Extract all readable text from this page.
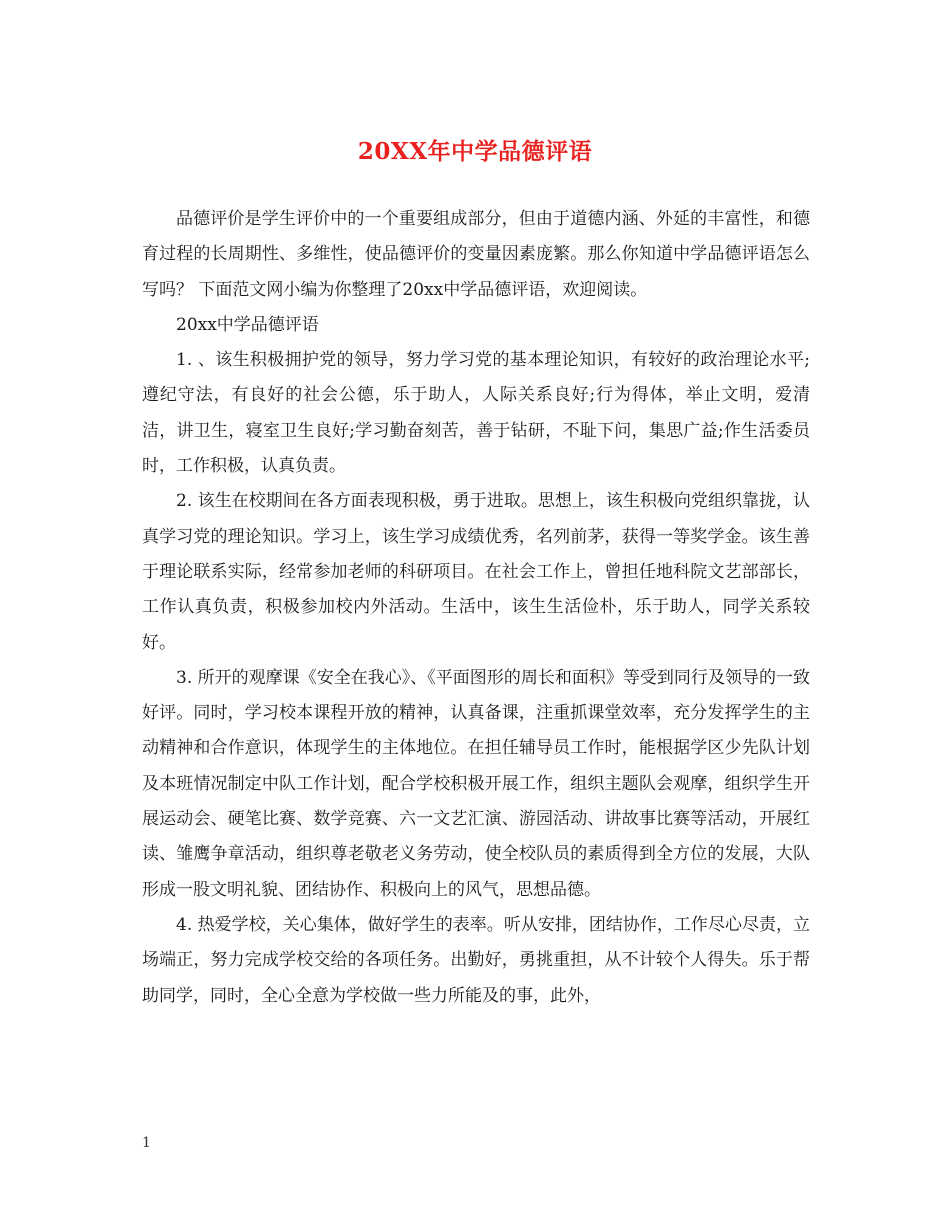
20XX年中学品德评语

品德评价是学生评价中的一个重要组成部分，但由于道德内涵、外延的丰富性，和德育过程的长周期性、多维性，使品德评价的变量因素庞繁。那么你知道中学品德评语怎么写吗？ 下面范文网小编为你整理了20xx中学品德评语，欢迎阅读。

20xx中学品德评语

1. 、该生积极拥护党的领导，努力学习党的基本理论知识，有较好的政治理论水平;遵纪守法，有良好的社会公德，乐于助人，人际关系良好;行为得体，举止文明，爱清洁，讲卫生，寝室卫生良好;学习勤奋刻苦，善于钻研，不耻下问，集思广益;作生活委员时，工作积极，认真负责。

2. 该生在校期间在各方面表现积极，勇于进取。思想上，该生积极向党组织靠拢，认真学习党的理论知识。学习上，该生学习成绩优秀，名列前茅，获得一等奖学金。该生善于理论联系实际，经常参加老师的科研项目。在社会工作上，曾担任地科院文艺部部长，工作认真负责，积极参加校内外活动。生活中，该生生活俭朴，乐于助人，同学关系较好。

3. 所开的观摩课《安全在我心》、《平面图形的周长和面积》等受到同行及领导的一致好评。同时，学习校本课程开放的精神，认真备课，注重抓课堂效率，充分发挥学生的主动精神和合作意识，体现学生的主体地位。在担任辅导员工作时，能根据学区少先队计划及本班情况制定中队工作计划，配合学校积极开展工作，组织主题队会观摩，组织学生开展运动会、硬笔比赛、数学竞赛、六一文艺汇演、游园活动、讲故事比赛等活动，开展红读、雏鹰争章活动，组织尊老敬老义务劳动，使全校队员的素质得到全方位的发展，大队形成一股文明礼貌、团结协作、积极向上的风气，思想品德。

4. 热爱学校，关心集体，做好学生的表率。听从安排，团结协作，工作尽心尽责，立场端正，努力完成学校交给的各项任务。出勤好，勇挑重担，从不计较个人得失。乐于帮助同学，同时，全心全意为学校做一些力所能及的事，此外，

1
